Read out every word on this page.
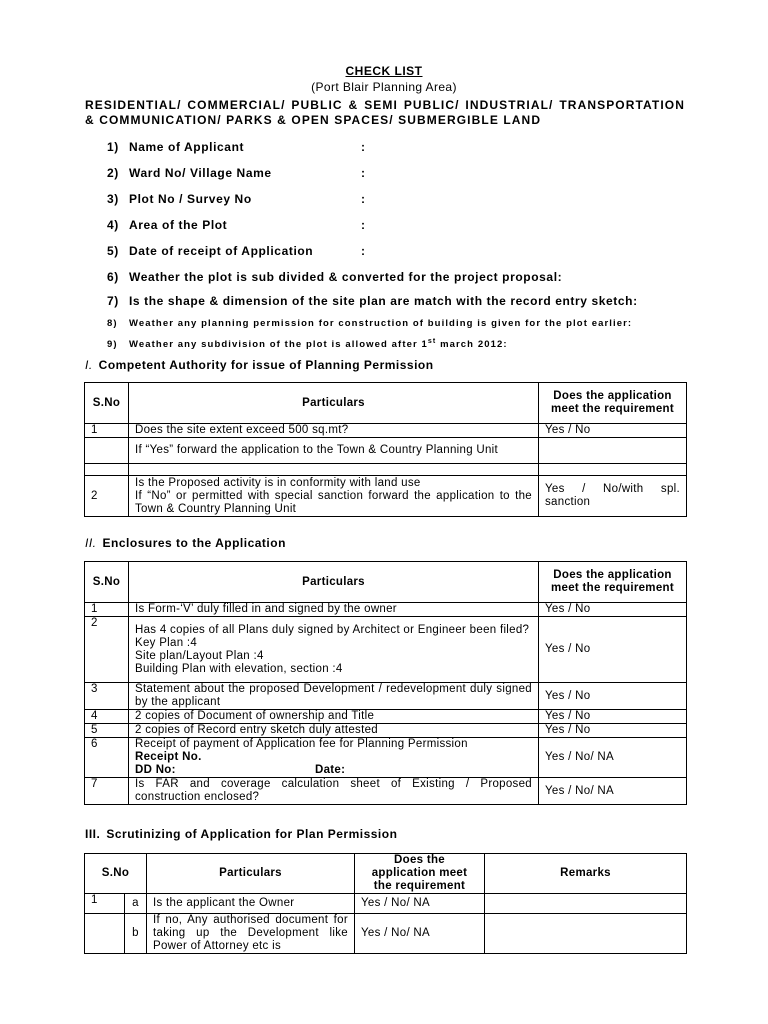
CHECK LIST
(Port Blair Planning Area)
RESIDENTIAL/ COMMERCIAL/ PUBLIC & SEMI PUBLIC/ INDUSTRIAL/ TRANSPORTATION & COMMUNICATION/ PARKS & OPEN SPACES/ SUBMERGIBLE LAND
1) Name of Applicant	:
2) Ward No/ Village Name	:
3) Plot No / Survey No	:
4) Area of the Plot	:
5) Date of receipt of Application	:
6) Weather the plot is sub divided & converted for the project proposal:
7) Is the shape & dimension of the site plan are match with the record entry sketch:
8) Weather any planning permission for construction of building is given for the plot earlier:
9) Weather any subdivision of the plot is allowed after 1st march 2012:
I. Competent Authority for issue of Planning Permission
S.No	Particulars	Does the application meet the requirement
1	Does the site extent exceed 500 sq.mt?	Yes / No
	If “Yes” forward the application to the Town & Country Planning Unit	

2	Is the Proposed activity is in conformity with land use
If “No” or permitted with special sanction forward the application to the Town & Country Planning Unit	Yes / No/with spl. sanction
II. Enclosures to the Application
S.No	Particulars	Does the application meet the requirement
1	Is Form-‘V’ duly filled in and signed by the owner	Yes / No
2	Has 4 copies of all Plans duly signed by Architect or Engineer been filed?
Key Plan :4
Site plan/Layout Plan :4
Building Plan with elevation, section :4	Yes / No
3	Statement about the proposed Development / redevelopment duly signed by the applicant	Yes / No
4	2 copies of Document of ownership and Title	Yes / No
5	2 copies of Record entry sketch duly attested	Yes / No
6	Receipt of payment of Application fee for Planning Permission
Receipt No.
DD No: Date:	Yes / No/ NA
7	Is FAR and coverage calculation sheet of Existing / Proposed construction enclosed?	Yes / No/ NA
III. Scrutinizing of Application for Plan Permission
S.No		Particulars	Does the application meet the requirement	Remarks
1	a	Is the applicant the Owner	Yes / No/ NA	
	b	If no, Any authorised document for taking up the Development like Power of Attorney etc is	Yes / No/ NA	
